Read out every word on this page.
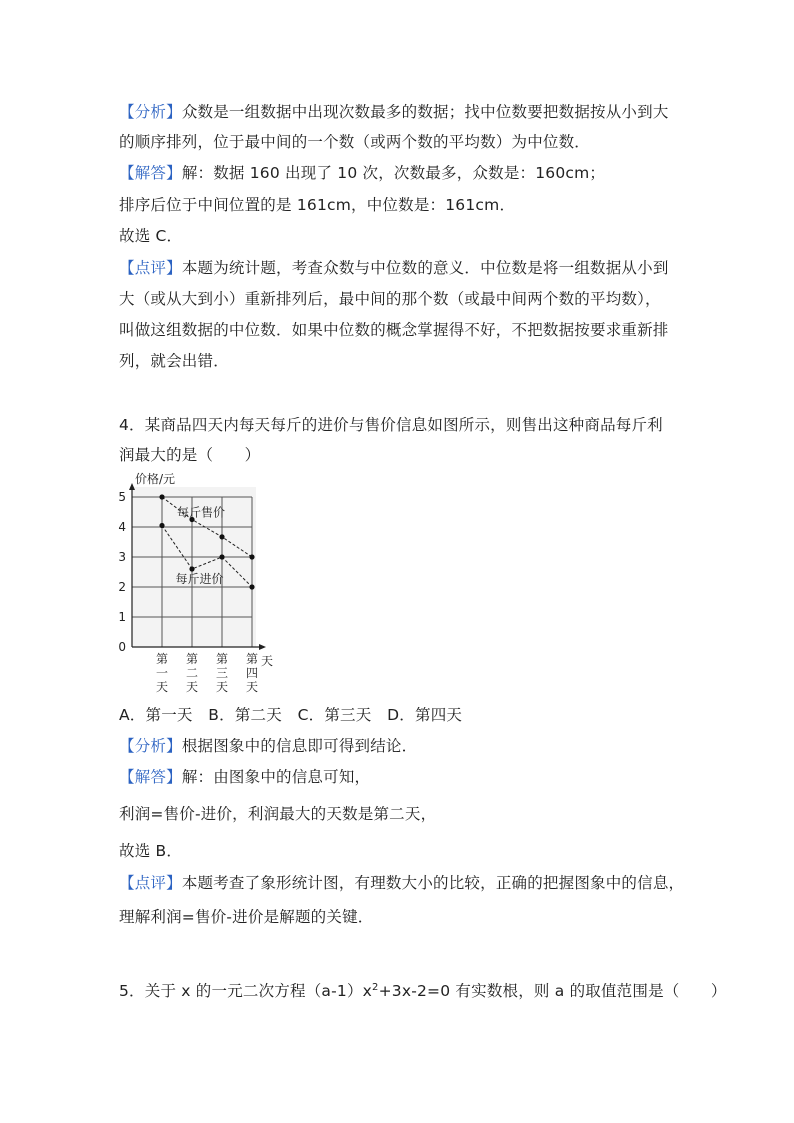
【分析】众数是一组数据中出现次数最多的数据；找中位数要把数据按从小到大
的顺序排列，位于最中间的一个数（或两个数的平均数）为中位数．
【解答】解：数据 160 出现了 10 次，次数最多，众数是：160cm；
排序后位于中间位置的是 161cm，中位数是：161cm．
故选 C．
【点评】本题为统计题，考查众数与中位数的意义．中位数是将一组数据从小到
大（或从大到小）重新排列后，最中间的那个数（或最中间两个数的平均数），
叫做这组数据的中位数．如果中位数的概念掌握得不好，不把数据按要求重新排
列，就会出错．
4．某商品四天内每天每斤的进价与售价信息如图所示，则售出这种商品每斤利
润最大的是（　　）
0
1
2
3
4
5
价格/元
天
第
一
天
第
二
天
第
三
天
第
四
天
每斤售价
每斤进价
A．第一天　B．第二天　C．第三天　D．第四天
【分析】根据图象中的信息即可得到结论．
【解答】解：由图象中的信息可知，
利润=售价-进价，利润最大的天数是第二天，
故选 B．
【点评】本题考查了象形统计图，有理数大小的比较，正确的把握图象中的信息，
理解利润=售价-进价是解题的关键．
5．关于 x 的一元二次方程$(a-1)x^2+3x-2=0$ 有实数根，则 a 的取值范围是（　　）
